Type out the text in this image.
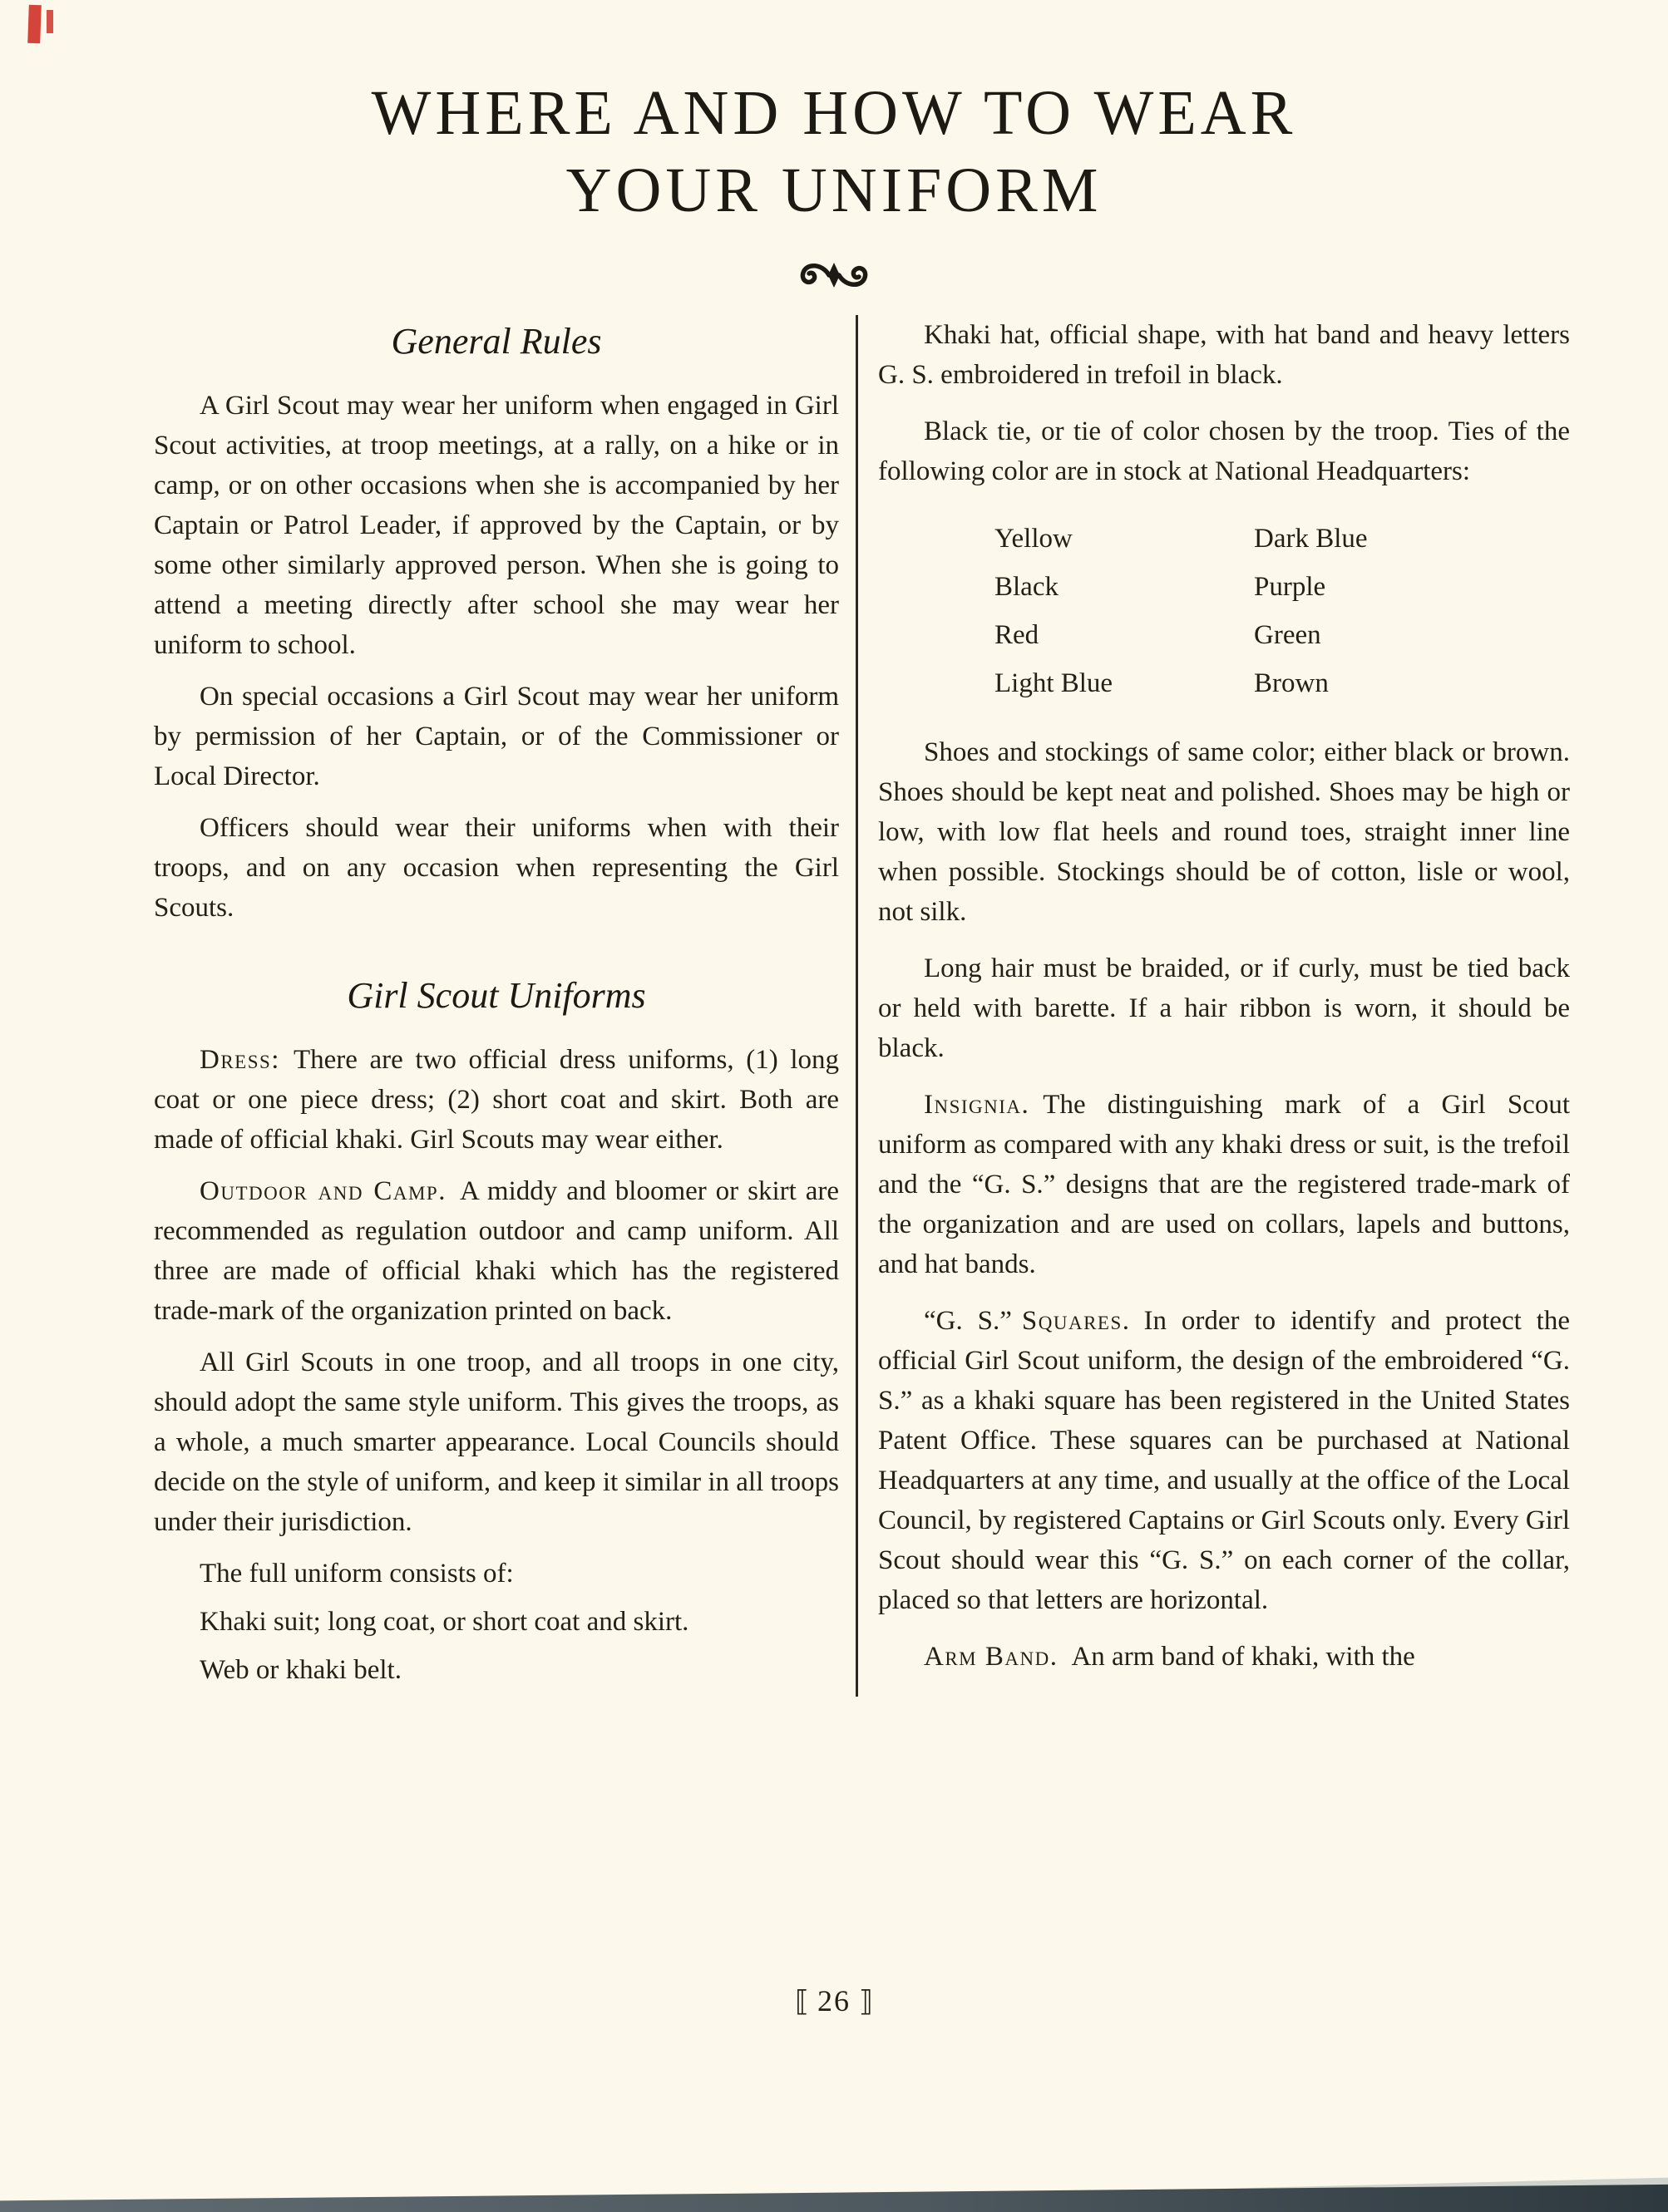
WHERE AND HOW TO WEAR
YOUR UNIFORM
General Rules

A Girl Scout may wear her uniform when engaged in Girl Scout activities, at troop meetings, at a rally, on a hike or in camp, or on other occasions when she is accompanied by her Captain or Patrol Leader, if approved by the Captain, or by some other similarly approved person. When she is going to attend a meeting directly after school she may wear her uniform to school.

On special occasions a Girl Scout may wear her uniform by permission of her Captain, or of the Commissioner or Local Director.

Officers should wear their uniforms when with their troops, and on any occasion when representing the Girl Scouts.

Girl Scout Uniforms

Dress: There are two official dress uniforms, (1) long coat or one piece dress; (2) short coat and skirt. Both are made of official khaki. Girl Scouts may wear either.

Outdoor and Camp. A middy and bloomer or skirt are recommended as regulation outdoor and camp uniform. All three are made of official khaki which has the registered trade-mark of the organization printed on back.

All Girl Scouts in one troop, and all troops in one city, should adopt the same style uniform. This gives the troops, as a whole, a much smarter appearance. Local Councils should decide on the style of uniform, and keep it similar in all troops under their jurisdiction.

The full uniform consists of:

Khaki suit; long coat, or short coat and skirt.

Web or khaki belt.

Khaki hat, official shape, with hat band and heavy letters G. S. embroidered in trefoil in black.

Black tie, or tie of color chosen by the troop. Ties of the following color are in stock at National Headquarters:

Yellow
Black
Red
Light Blue
Dark Blue
Purple
Green
Brown

Shoes and stockings of same color; either black or brown. Shoes should be kept neat and polished. Shoes may be high or low, with low flat heels and round toes, straight inner line when possible. Stockings should be of cotton, lisle or wool, not silk.

Long hair must be braided, or if curly, must be tied back or held with barette. If a hair ribbon is worn, it should be black.

Insignia. The distinguishing mark of a Girl Scout uniform as compared with any khaki dress or suit, is the trefoil and the “G. S.” designs that are the registered trade-mark of the organization and are used on collars, lapels and buttons, and hat bands.

“G. S.” Squares. In order to identify and protect the official Girl Scout uniform, the design of the embroidered “G. S.” as a khaki square has been registered in the United States Patent Office. These squares can be purchased at National Headquarters at any time, and usually at the office of the Local Council, by registered Captains or Girl Scouts only. Every Girl Scout should wear this “G. S.” on each corner of the collar, placed so that letters are horizontal.

Arm Band. An arm band of khaki, with the

⟦ 26 ⟧
